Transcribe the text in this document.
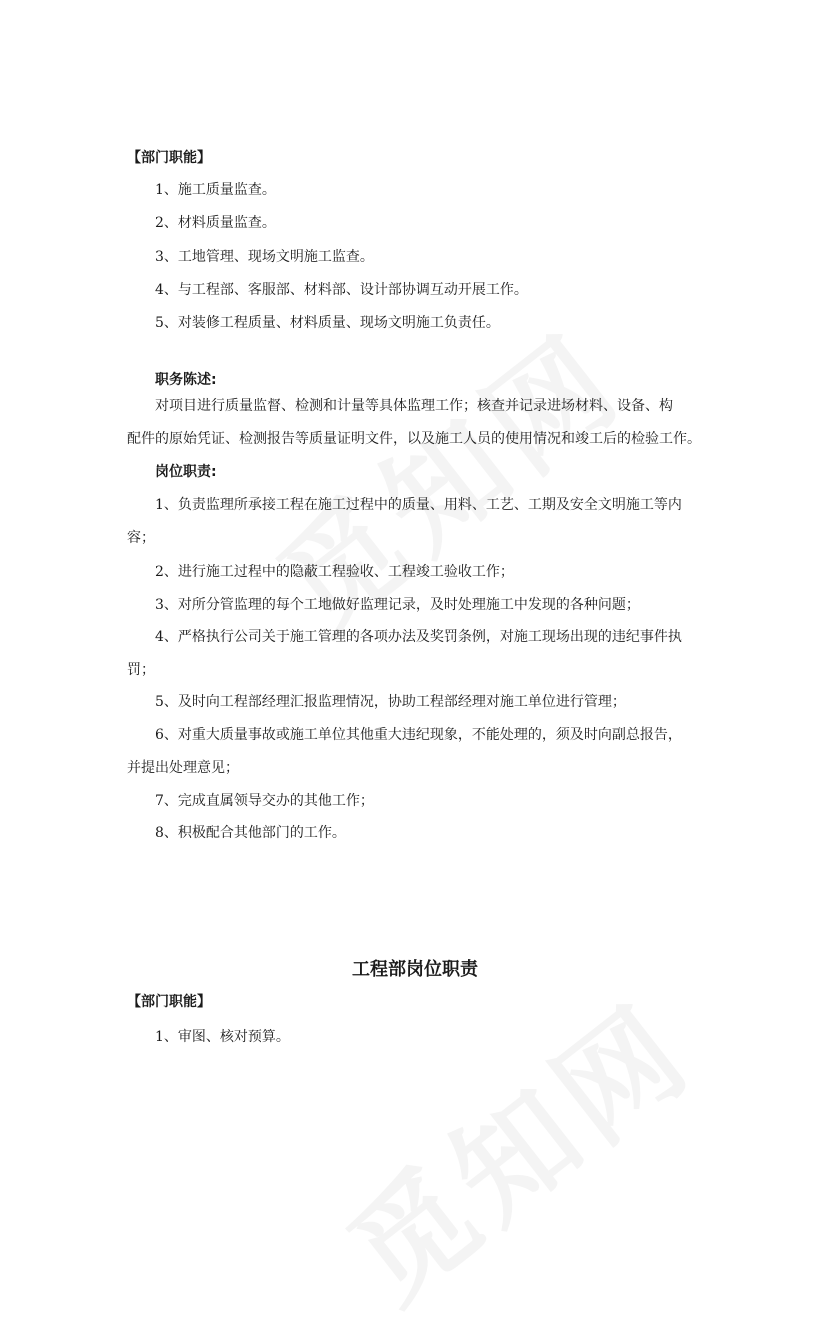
【部门职能】
1、施工质量监查。
2、材料质量监查。
3、工地管理、现场文明施工监查。
4、与工程部、客服部、材料部、设计部协调互动开展工作。
5、对装修工程质量、材料质量、现场文明施工负责任。
职务陈述:
对项目进行质量监督、检测和计量等具体监理工作；核查并记录进场材料、设备、构
配件的原始凭证、检测报告等质量证明文件，以及施工人员的使用情况和竣工后的检验工作。
岗位职责:
1、负责监理所承接工程在施工过程中的质量、用料、工艺、工期及安全文明施工等内
容；
2、进行施工过程中的隐蔽工程验收、工程竣工验收工作；
3、对所分管监理的每个工地做好监理记录，及时处理施工中发现的各种问题；
4、严格执行公司关于施工管理的各项办法及奖罚条例，对施工现场出现的违纪事件执
罚；
5、及时向工程部经理汇报监理情况，协助工程部经理对施工单位进行管理；
6、对重大质量事故或施工单位其他重大违纪现象，不能处理的，须及时向副总报告，
并提出处理意见；
7、完成直属领导交办的其他工作；
8、积极配合其他部门的工作。
工程部岗位职责
【部门职能】
1、审图、核对预算。
